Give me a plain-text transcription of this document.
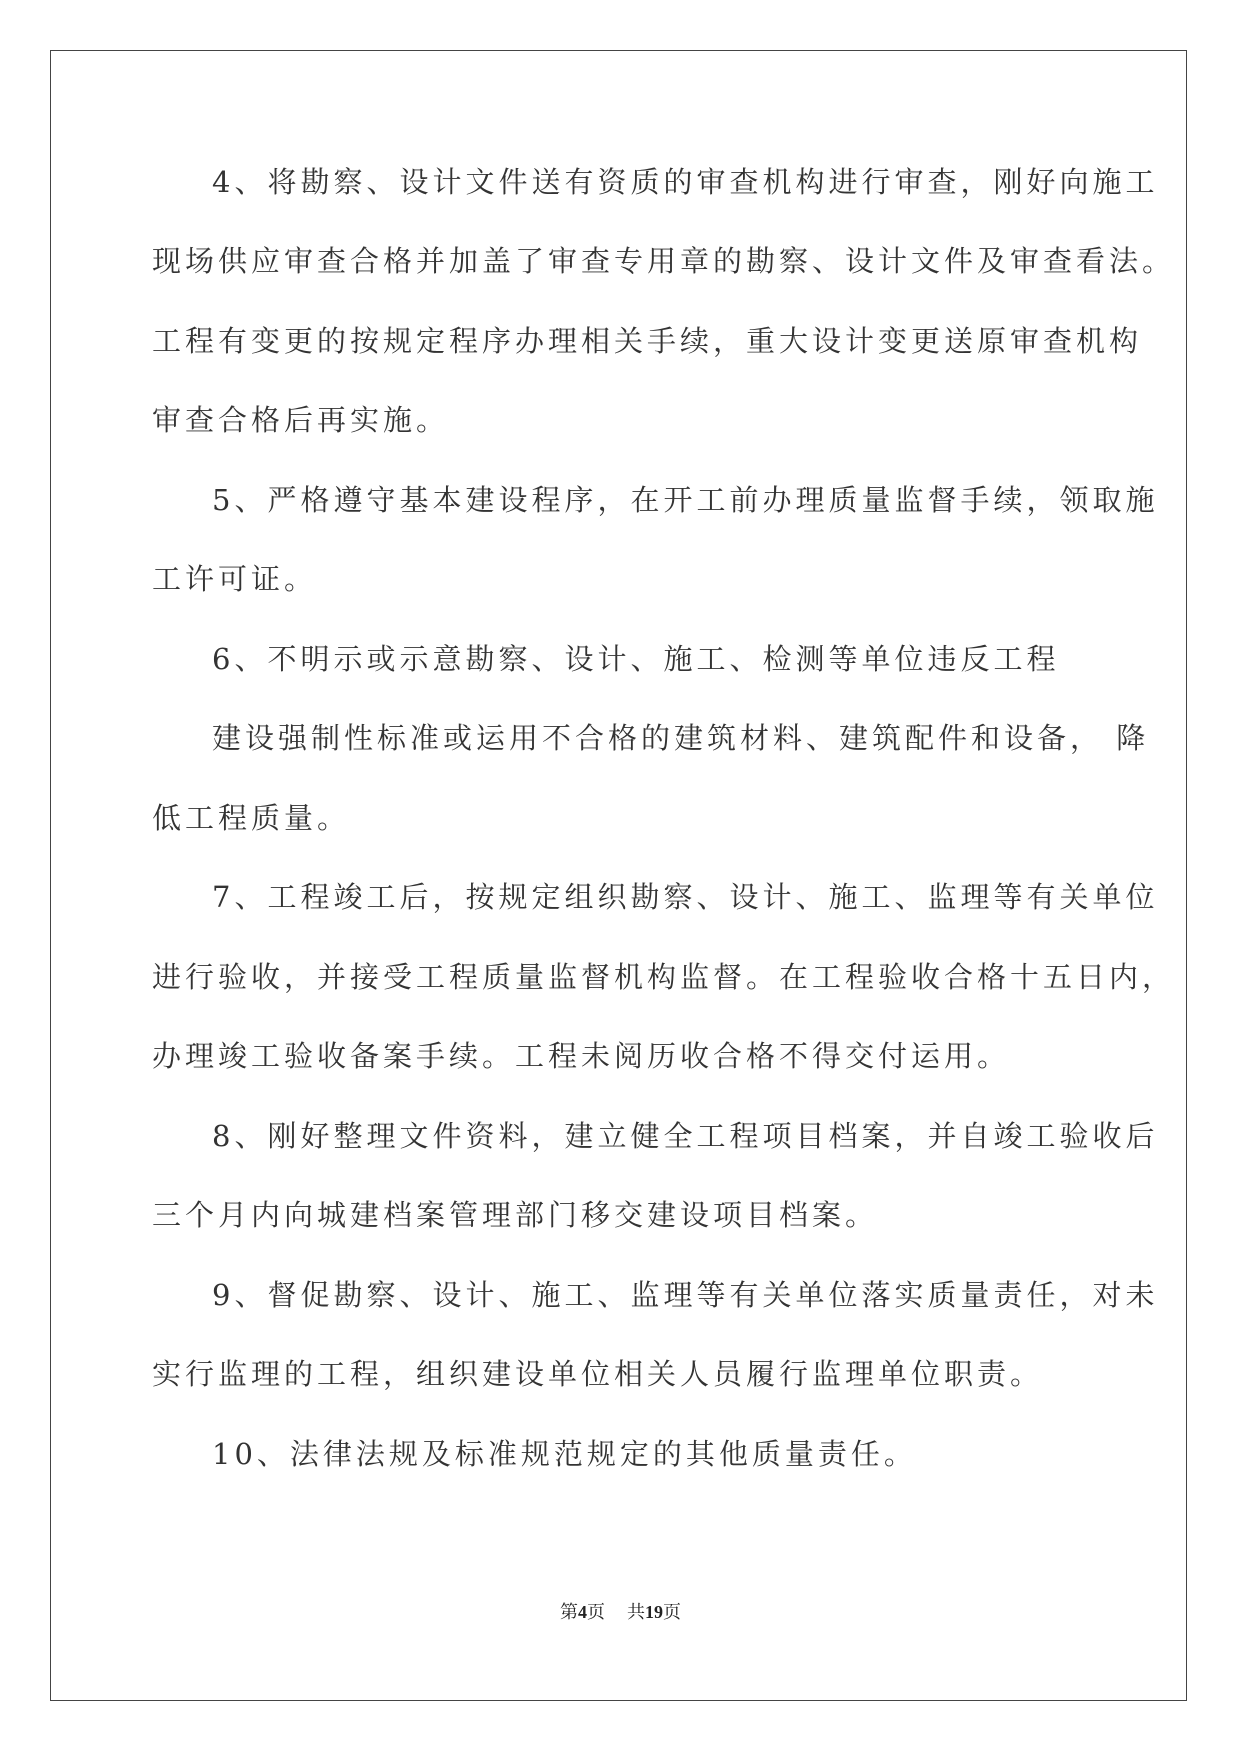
4、将勘察、设计文件送有资质的审查机构进行审查，刚好向施工
现场供应审查合格并加盖了审查专用章的勘察、设计文件及审查看法。
工程有变更的按规定程序办理相关手续，重大设计变更送原审查机构
审查合格后再实施。
5、严格遵守基本建设程序，在开工前办理质量监督手续，领取施
工许可证。
6、不明示或示意勘察、设计、施工、检测等单位违反工程
建设强制性标准或运用不合格的建筑材料、建筑配件和设备， 降
低工程质量。
7、工程竣工后，按规定组织勘察、设计、施工、监理等有关单位
进行验收，并接受工程质量监督机构监督。在工程验收合格十五日内，
办理竣工验收备案手续。工程未阅历收合格不得交付运用。
8、刚好整理文件资料，建立健全工程项目档案，并自竣工验收后
三个月内向城建档案管理部门移交建设项目档案。
9、督促勘察、设计、施工、监理等有关单位落实质量责任，对未
实行监理的工程，组织建设单位相关人员履行监理单位职责。
10、法律法规及标准规范规定的其他质量责任。
第4页 共19页
